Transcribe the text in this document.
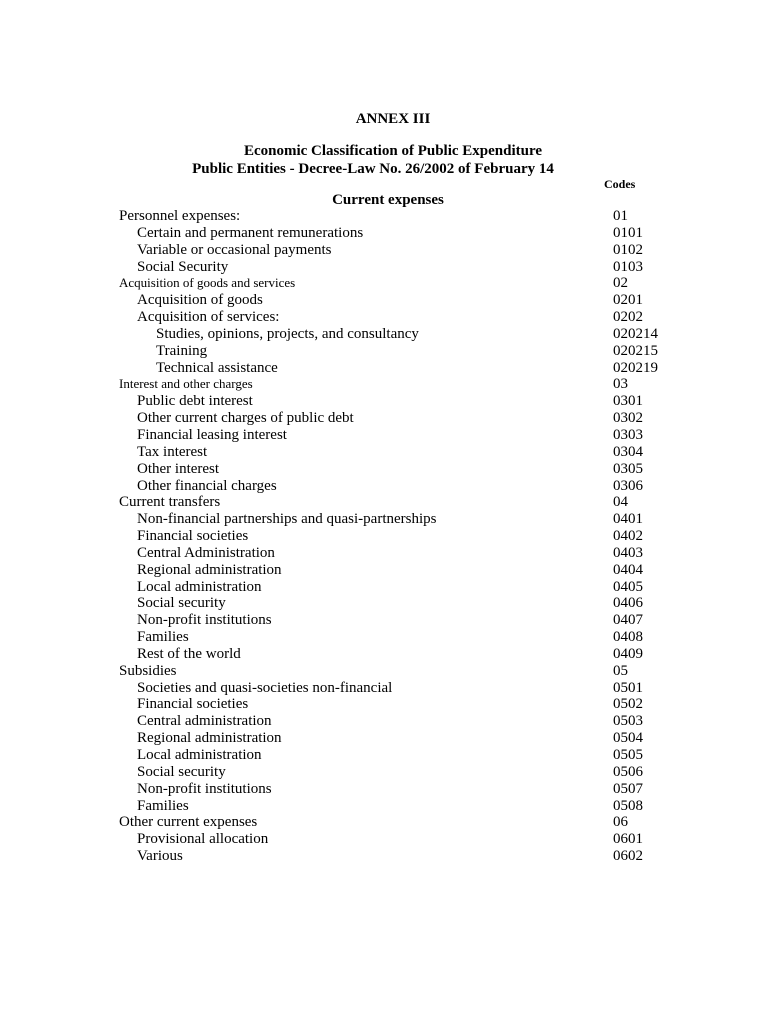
ANNEX III
Economic Classification of Public Expenditure
Public Entities - Decree-Law No. 26/2002 of February 14
Codes
Current expenses
Personnel expenses:	01
Certain and permanent remunerations	0101
Variable or occasional payments	0102
Social Security	0103
Acquisition of goods and services	02
Acquisition of goods	0201
Acquisition of services:	0202
Studies, opinions, projects, and consultancy	020214
Training	020215
Technical assistance	020219
Interest and other charges	03
Public debt interest	0301
Other current charges of public debt	0302
Financial leasing interest	0303
Tax interest	0304
Other interest	0305
Other financial charges	0306
Current transfers	04
Non-financial partnerships and quasi-partnerships	0401
Financial societies	0402
Central Administration	0403
Regional administration	0404
Local administration	0405
Social security	0406
Non-profit institutions	0407
Families	0408
Rest of the world	0409
Subsidies	05
Societies and quasi-societies non-financial	0501
Financial societies	0502
Central administration	0503
Regional administration	0504
Local administration	0505
Social security	0506
Non-profit institutions	0507
Families	0508
Other current expenses	06
Provisional allocation	0601
Various	0602
